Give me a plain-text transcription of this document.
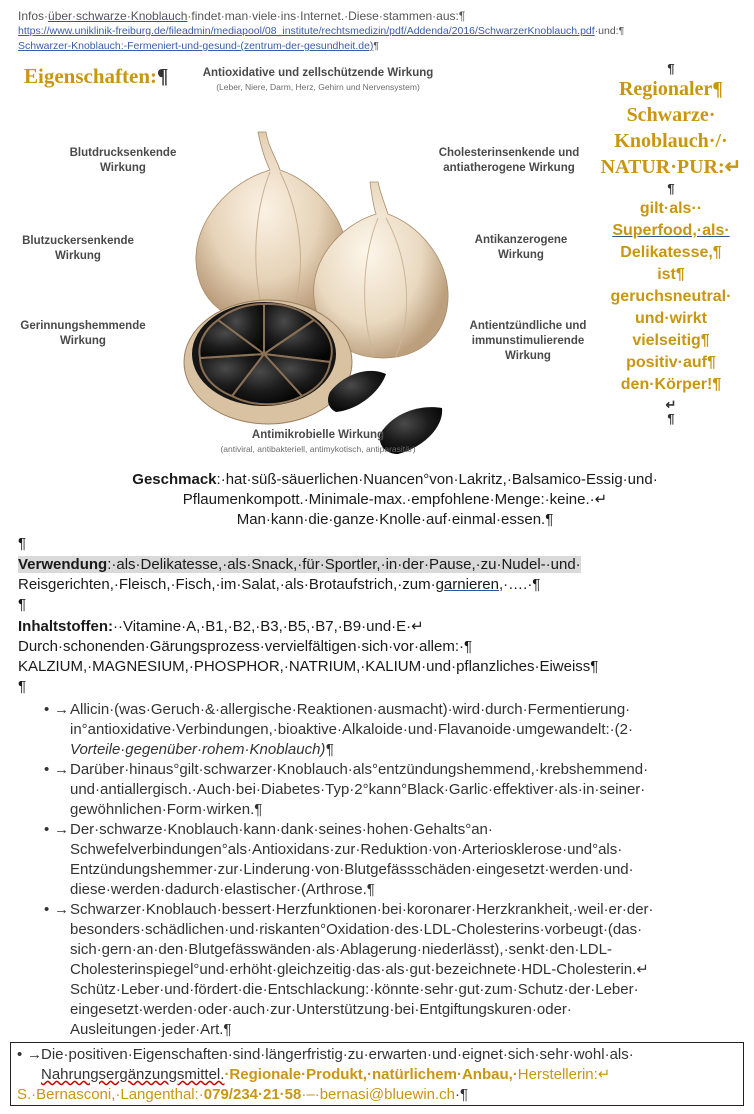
Infos·über·schwarze·Knoblauch·findet·man·viele·ins·Internet.·Diese·stammen·aus:¶
https://www.uniklinik-freiburg.de/fileadmin/mediapool/08_institute/rechtsmedizin/pdf/Addenda/2016/SchwarzerKnoblauch.pdf·und:¶
Schwarzer-Knoblauch:-Fermeniert-und-gesund-(zentrum-der-gesundheit.de)¶
Antioxidative und zellschützende Wirkung
(Leber, Niere, Darm, Herz, Gehirn und Nervensystem)
Blutdrucksenkende
Wirkung
Blutzuckersenkende
Wirkung
Gerinnungshemmende
Wirkung
Cholesterinsenkende und
antiatherogene Wirkung
Antikanzerogene
Wirkung
Antientzündliche und
immunstimulierende
Wirkung
Antimikrobielle Wirkung
(antiviral, antibakteriell, antimykotisch, antiparasitär)
Eigenschaften:¶	¶
Regionaler¶
Schwarze·
Knoblauch·/·
NATUR·PUR:↵
¶
gilt·als··
Superfood,·als·
Delikatesse,¶
ist¶
geruchsneutral·
und·wirkt
vielseitig¶
positiv·auf¶
den·Körper!¶
↵
¶
Geschmack:·hat·süß-säuerlichen·Nuancen°von·Lakritz,·Balsamico-Essig·und·
Pflaumenkompott.·Minimale-max.·empfohlene·Menge:·keine.·↵
Man·kann·die·ganze·Knolle·auf·einmal·essen.¶
¶
Verwendung:·als·Delikatesse,·als·Snack,·für·Sportler,·in·der·Pause,·zu·Nudel-·und·
Reisgerichten,·Fleisch,·Fisch,·im·Salat,·als·Brotaufstrich,·zum·garnieren,·….·¶
¶
Inhaltstoffen:··Vitamine·A,·B1,·B2,·B3,·B5,·B7,·B9·und·E·↵
Durch·schonenden·Gärungsprozess·vervielfältigen·sich·vor·allem:·¶
KALZIUM,·MAGNESIUM,·PHOSPHOR,·NATRIUM,·KALIUM·und·pflanzliches·Eiweiss¶
¶
• → Allicin·(was·Geruch·&·allergische·Reaktionen·ausmacht)·wird·durch·Fermentierung·
in°antioxidative·Verbindungen,·bioaktive·Alkaloide·und·Flavanoide·umgewandelt:·(2·
Vorteile·gegenüber·rohem·Knoblauch)¶
• → Darüber·hinaus°gilt·schwarzer·Knoblauch·als°entzündungshemmend,·krebshemmend·
und·antiallergisch.·Auch·bei·Diabetes·Typ·2°kann°Black·Garlic·effektiver·als·in·seiner·
gewöhnlichen·Form·wirken.¶
• → Der·schwarze·Knoblauch·kann·dank·seines·hohen·Gehalts°an·
Schwefelverbindungen°als·Antioxidans·zur·Reduktion·von·Arteriosklerose·und°als·
Entzündungshemmer·zur·Linderung·von·Blutgefässschäden·eingesetzt·werden·und·
diese·werden·dadurch·elastischer·(Arthrose.¶
• → Schwarzer·Knoblauch·bessert·Herzfunktionen·bei·koronarer·Herzkrankheit,·weil·er·der·
besonders·schädlichen·und·riskanten°Oxidation·des·LDL-Cholesterins·vorbeugt·(das·
sich·gern·an·den·Blutgefässwänden·als·Ablagerung·niederlässt),·senkt·den·LDL-
Cholesterinspiegel°und·erhöht·gleichzeitig·das·als·gut·bezeichnete·HDL-Cholesterin.↵
Schütz·Leber·und·fördert·die·Entschlackung:·könnte·sehr·gut·zum·Schutz·der·Leber·
eingesetzt·werden·oder·auch·zur·Unterstützung·bei·Entgiftungskuren·oder·
Ausleitungen·jeder·Art.¶
• → Die·positiven·Eigenschaften·sind·längerfristig·zu·erwarten·und·eignet·sich·sehr·wohl·als·
Nahrungsergänzungsmittel.·Regionale·Produkt,·natürlichem·Anbau,·Herstellerin:↵
S.·Bernasconi,·Langenthal:·079/234·21·58·–·bernasi@bluewin.ch·¶
